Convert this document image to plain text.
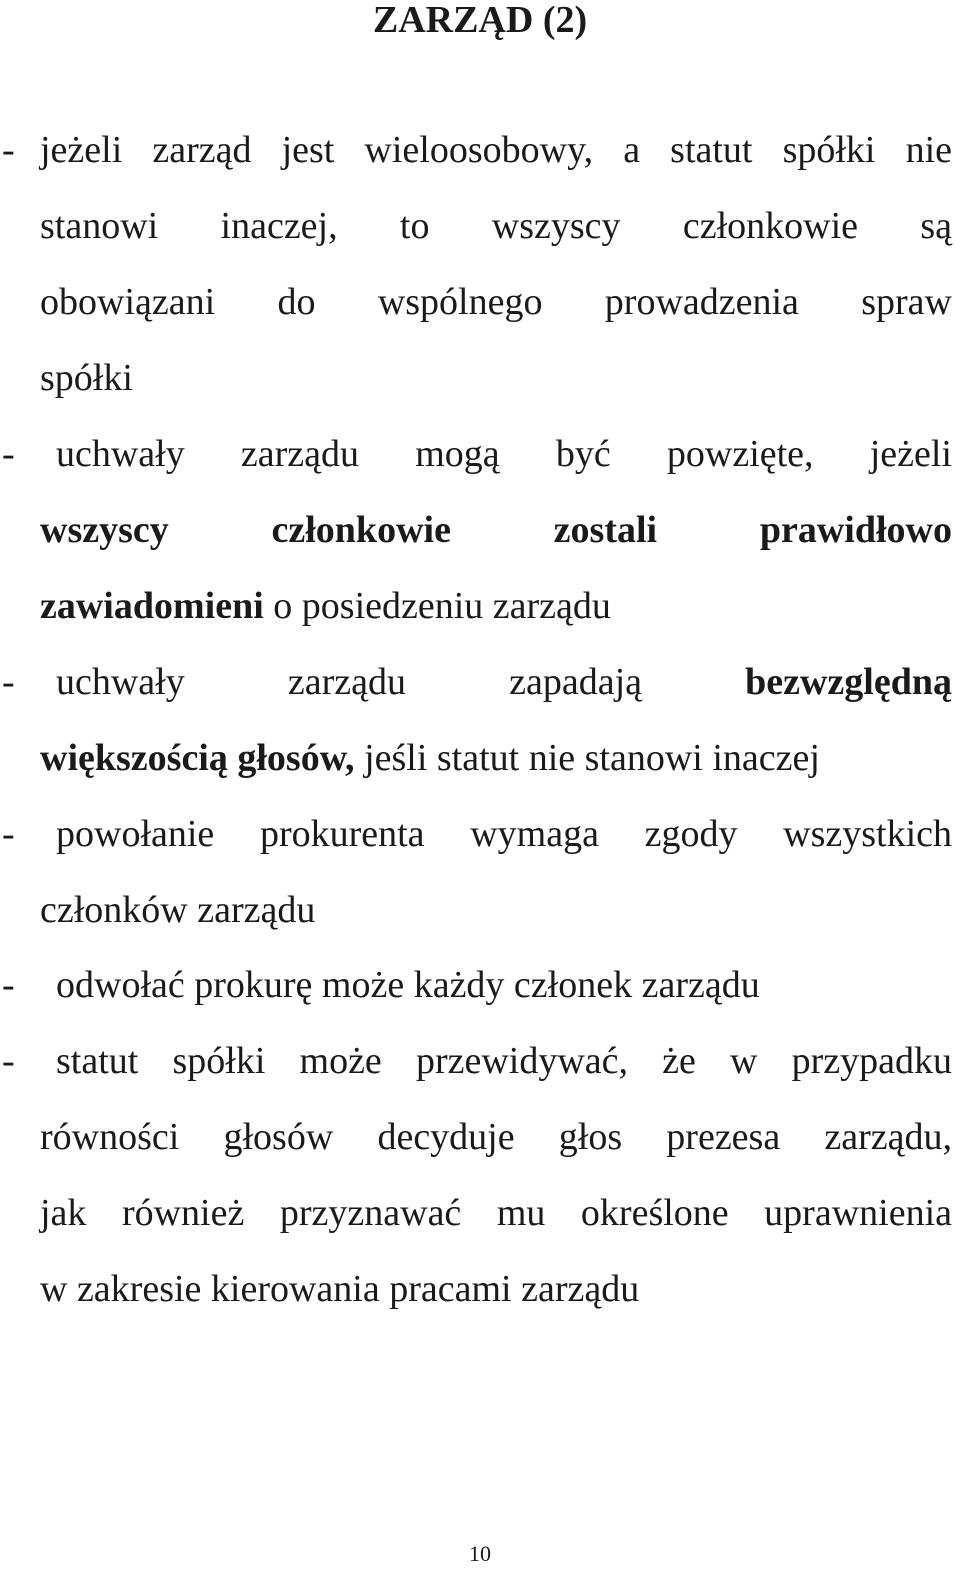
ZARZĄD (2)
- jeżeli zarząd jest wieloosobowy, a statut spółki nie
stanowi inaczej, to wszyscy członkowie są
obowiązani do wspólnego prowadzenia spraw
spółki
- uchwały zarządu mogą być powzięte, jeżeli
wszyscy członkowie zostali prawidłowo
zawiadomieni o posiedzeniu zarządu
- uchwały zarządu zapadają bezwzględną
większością głosów, jeśli statut nie stanowi inaczej
- powołanie prokurenta wymaga zgody wszystkich
członków zarządu
- odwołać prokurę może każdy członek zarządu
- statut spółki może przewidywać, że w przypadku
równości głosów decyduje głos prezesa zarządu,
jak również przyznawać mu określone uprawnienia
w zakresie kierowania pracami zarządu
10
